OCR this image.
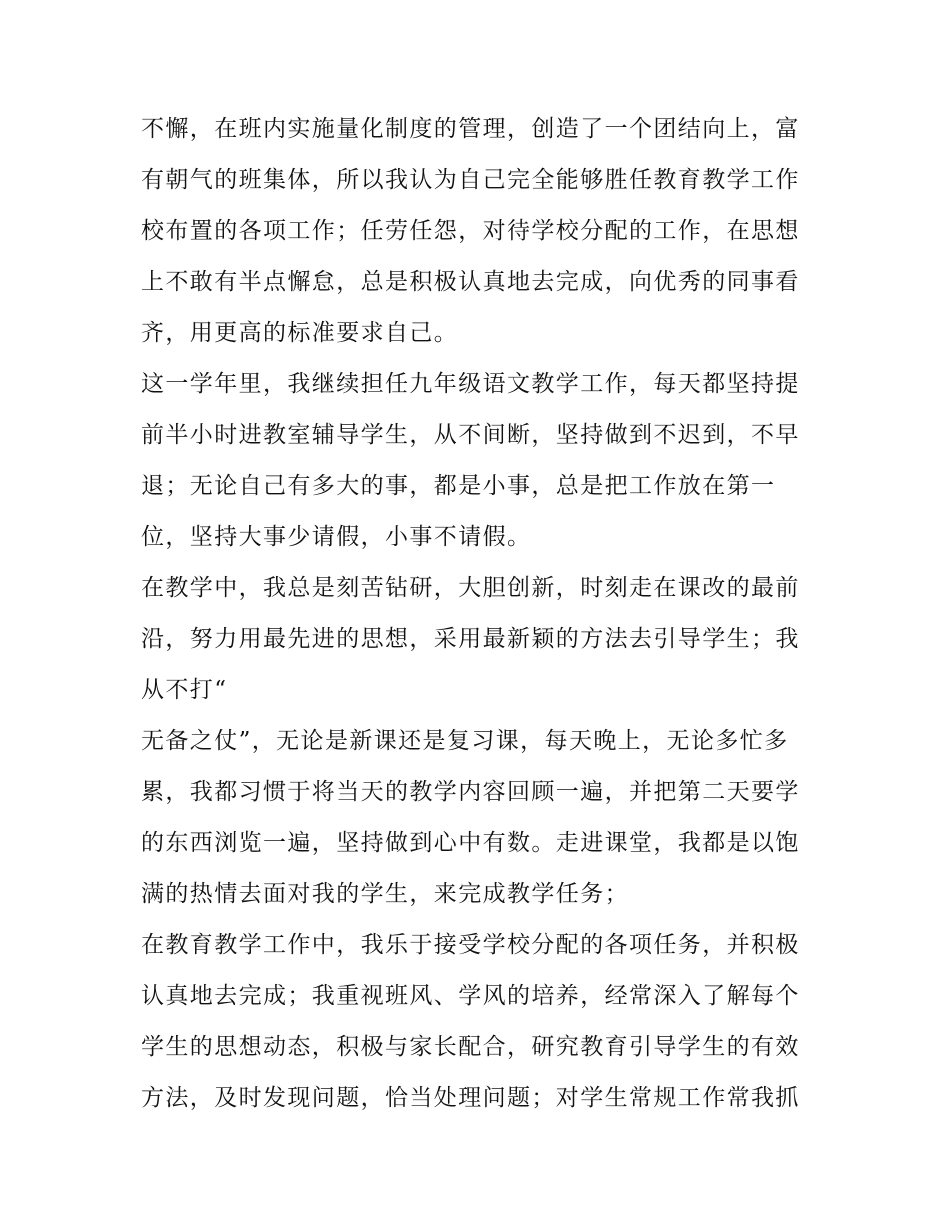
不懈，在班内实施量化制度的管理，创造了一个团结向上，富
有朝气的班集体，所以我认为自己完全能够胜任教育教学工作
校布置的各项工作；任劳任怨，对待学校分配的工作，在思想
上不敢有半点懈怠，总是积极认真地去完成，向优秀的同事看
齐，用更高的标准要求自己。
这一学年里，我继续担任九年级语文教学工作，每天都坚持提
前半小时进教室辅导学生，从不间断，坚持做到不迟到，不早
退；无论自己有多大的事，都是小事，总是把工作放在第一
位，坚持大事少请假，小事不请假。
在教学中，我总是刻苦钻研，大胆创新，时刻走在课改的最前
沿，努力用最先进的思想，采用最新颖的方法去引导学生；我
从不打“
无备之仗”，无论是新课还是复习课，每天晚上，无论多忙多
累，我都习惯于将当天的教学内容回顾一遍，并把第二天要学
的东西浏览一遍，坚持做到心中有数。走进课堂，我都是以饱
满的热情去面对我的学生，来完成教学任务；
在教育教学工作中，我乐于接受学校分配的各项任务，并积极
认真地去完成；我重视班风、学风的培养，经常深入了解每个
学生的思想动态，积极与家长配合，研究教育引导学生的有效
方法，及时发现问题，恰当处理问题；对学生常规工作常我抓
